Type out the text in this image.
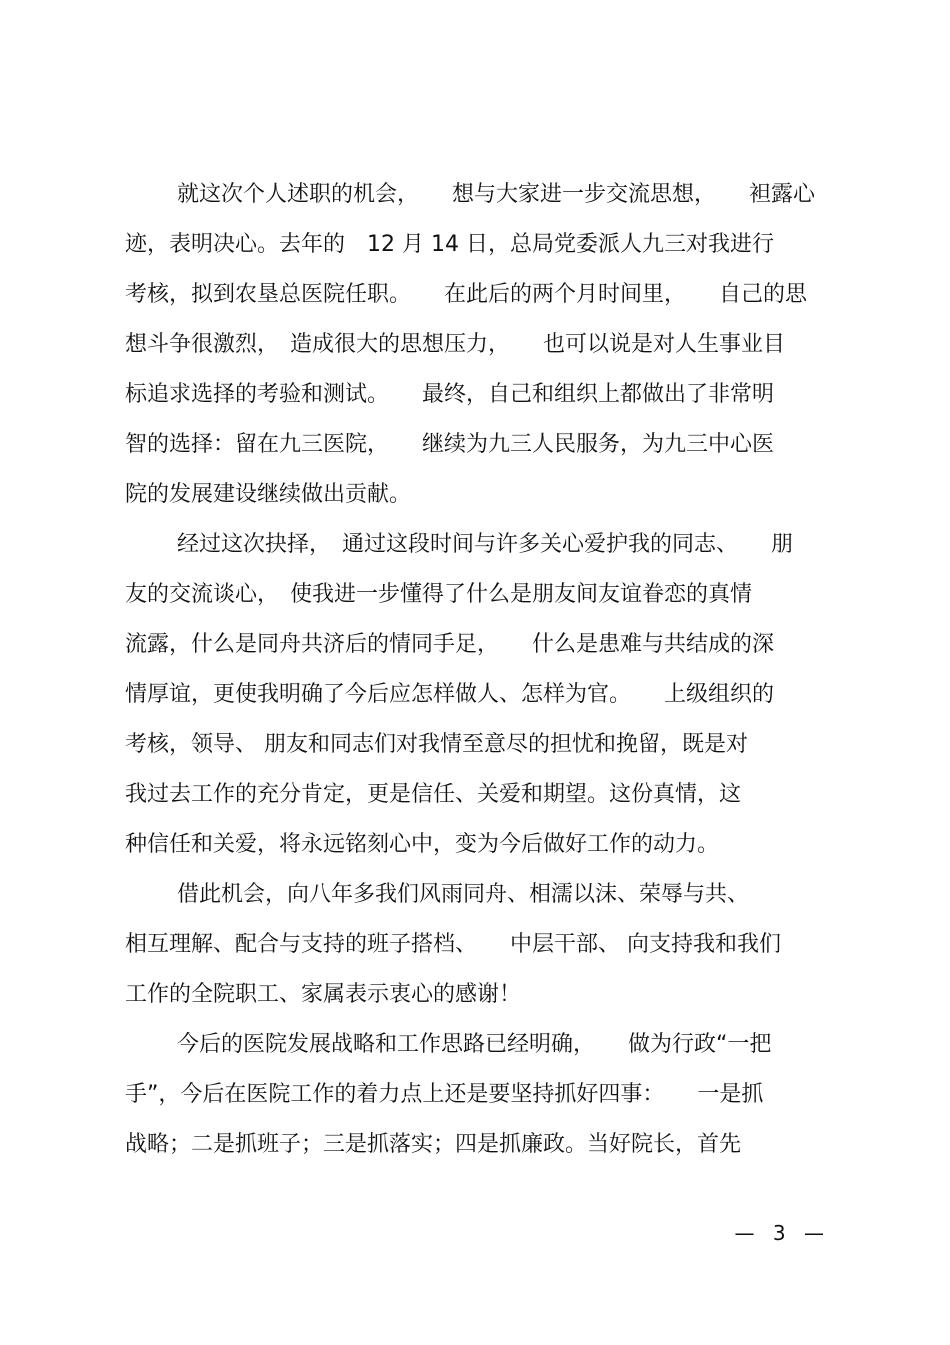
就这次个人述职的机会，　　想与大家进一步交流思想，　　袒露心
迹，表明决心。去年的　12 月 14 日，总局党委派人九三对我进行
考核，拟到农垦总医院任职。　　在此后的两个月时间里，　　自己的思
想斗争很激烈，　造成很大的思想压力，　　也可以说是对人生事业目
标追求选择的考验和测试。　　最终，自己和组织上都做出了非常明
智的选择：留在九三医院，　　继续为九三人民服务，为九三中心医
院的发展建设继续做出贡献。
经过这次抉择，　通过这段时间与许多关心爱护我的同志、　　朋
友的交流谈心，　使我进一步懂得了什么是朋友间友谊眷恋的真情
流露，什么是同舟共济后的情同手足，　　什么是患难与共结成的深
情厚谊，更使我明确了今后应怎样做人、怎样为官。　　上级组织的
考核，领导、 朋友和同志们对我情至意尽的担忧和挽留，既是对
我过去工作的充分肯定，更是信任、关爱和期望。这份真情，这
种信任和关爱，将永远铭刻心中，变为今后做好工作的动力。
借此机会，向八年多我们风雨同舟、相濡以沫、荣辱与共、
相互理解、配合与支持的班子搭档、　　中层干部、 向支持我和我们
工作的全院职工、家属表示衷心的感谢！
今后的医院发展战略和工作思路已经明确，　　做为行政“一把
手”，今后在医院工作的着力点上还是要坚持抓好四事：　　一是抓
战略；二是抓班子；三是抓落实；四是抓廉政。当好院长，首先
— 3 —
